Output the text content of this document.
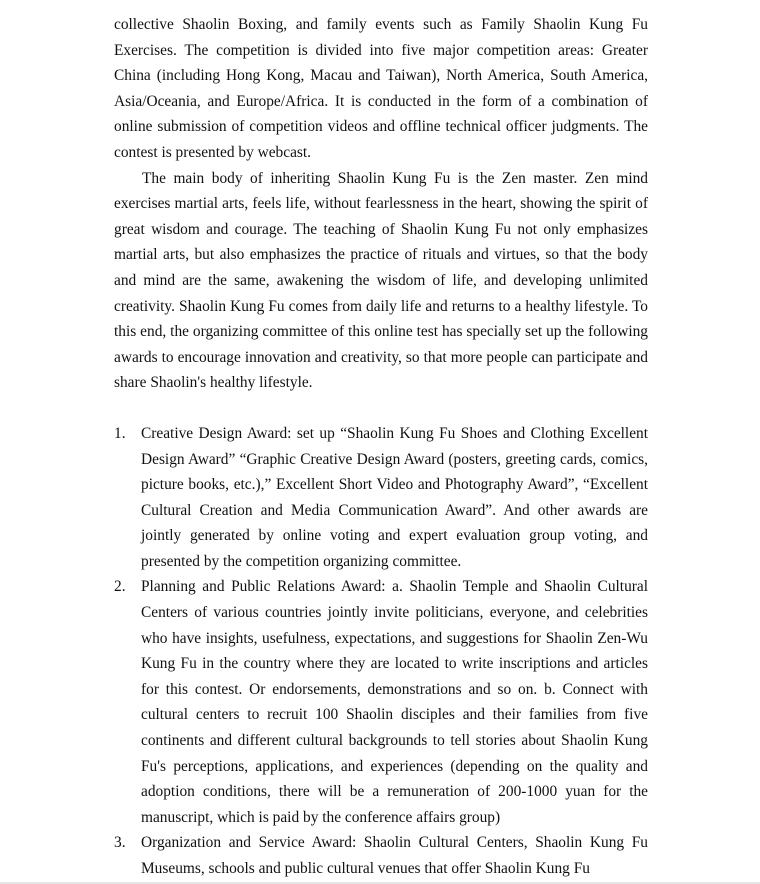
collective Shaolin Boxing, and family events such as Family Shaolin Kung Fu Exercises. The competition is divided into five major competition areas: Greater China (including Hong Kong, Macau and Taiwan), North America, South America, Asia/Oceania, and Europe/Africa. It is conducted in the form of a combination of online submission of competition videos and offline technical officer judgments. The contest is presented by webcast.

The main body of inheriting Shaolin Kung Fu is the Zen master. Zen mind exercises martial arts, feels life, without fearlessness in the heart, showing the spirit of great wisdom and courage. The teaching of Shaolin Kung Fu not only emphasizes martial arts, but also emphasizes the practice of rituals and virtues, so that the body and mind are the same, awakening the wisdom of life, and developing unlimited creativity. Shaolin Kung Fu comes from daily life and returns to a healthy lifestyle. To this end, the organizing committee of this online test has specially set up the following awards to encourage innovation and creativity, so that more people can participate and share Shaolin's healthy lifestyle.

1.	Creative Design Award: set up “Shaolin Kung Fu Shoes and Clothing Excellent Design Award” “Graphic Creative Design Award (posters, greeting cards, comics, picture books, etc.),” Excellent Short Video and Photography Award”, “Excellent Cultural Creation and Media Communication Award”. And other awards are jointly generated by online voting and expert evaluation group voting, and presented by the competition organizing committee.
2.	Planning and Public Relations Award: a. Shaolin Temple and Shaolin Cultural Centers of various countries jointly invite politicians, everyone, and celebrities who have insights, usefulness, expectations, and suggestions for Shaolin Zen-Wu Kung Fu in the country where they are located to write inscriptions and articles for this contest. Or endorsements, demonstrations and so on. b. Connect with cultural centers to recruit 100 Shaolin disciples and their families from five continents and different cultural backgrounds to tell stories about Shaolin Kung Fu's perceptions, applications, and experiences (depending on the quality and adoption conditions, there will be a remuneration of 200-1000 yuan for the manuscript, which is paid by the conference affairs group)
3.	Organization and Service Award: Shaolin Cultural Centers, Shaolin Kung Fu Museums, schools and public cultural venues that offer Shaolin Kung Fu
